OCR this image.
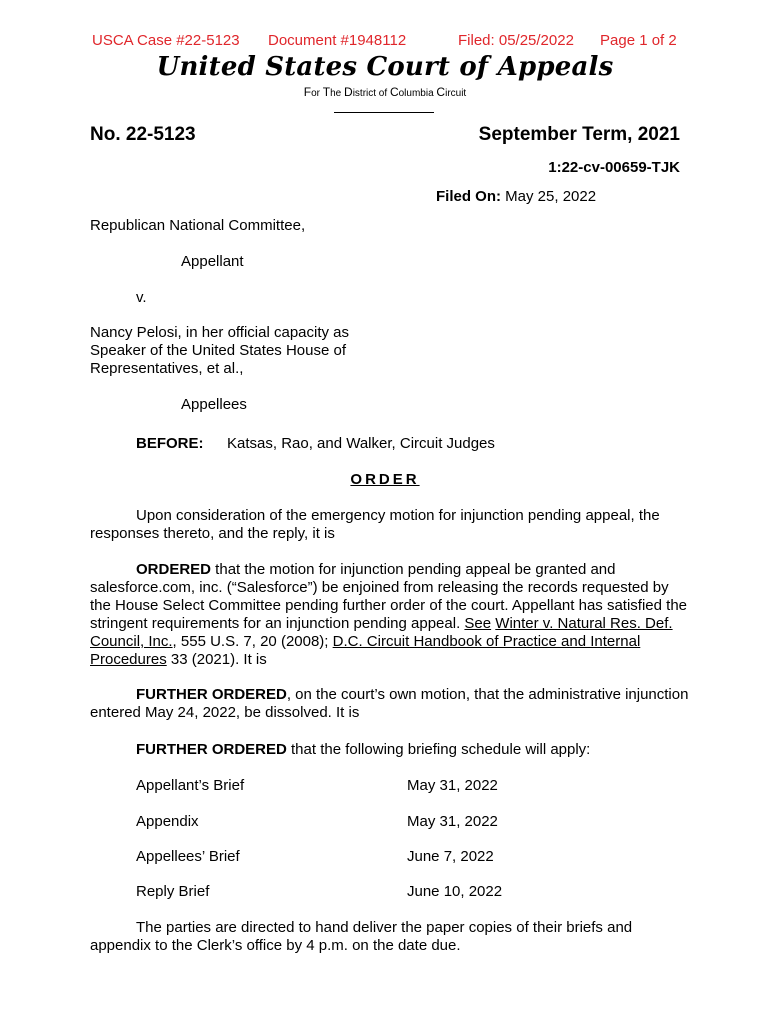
USCA Case #22-5123 Document #1948112	Filed: 05/25/2022 Page 1 of 2
United States Court of Appeals
For The District of Columbia Circuit
No. 22-5123	September Term, 2021
1:22-cv-00659-TJK
Filed On: May 25, 2022
Republican National Committee,
Appellant
v.
Nancy Pelosi, in her official capacity as
Speaker of the United States House of
Representatives, et al.,
Appellees
BEFORE: Katsas, Rao, and Walker, Circuit Judges
ORDER
Upon consideration of the emergency motion for injunction pending appeal, the responses thereto, and the reply, it is
ORDERED that the motion for injunction pending appeal be granted and salesforce.com, inc. (“Salesforce”) be enjoined from releasing the records requested by the House Select Committee pending further order of the court. Appellant has satisfied the stringent requirements for an injunction pending appeal. See Winter v. Natural Res. Def. Council, Inc., 555 U.S. 7, 20 (2008); D.C. Circuit Handbook of Practice and Internal Procedures 33 (2021). It is
FURTHER ORDERED, on the court’s own motion, that the administrative injunction entered May 24, 2022, be dissolved. It is
FURTHER ORDERED that the following briefing schedule will apply:
Appellant’s Brief	May 31, 2022
Appendix	May 31, 2022
Appellees’ Brief	June 7, 2022
Reply Brief	June 10, 2022
The parties are directed to hand deliver the paper copies of their briefs and appendix to the Clerk’s office by 4 p.m. on the date due.
